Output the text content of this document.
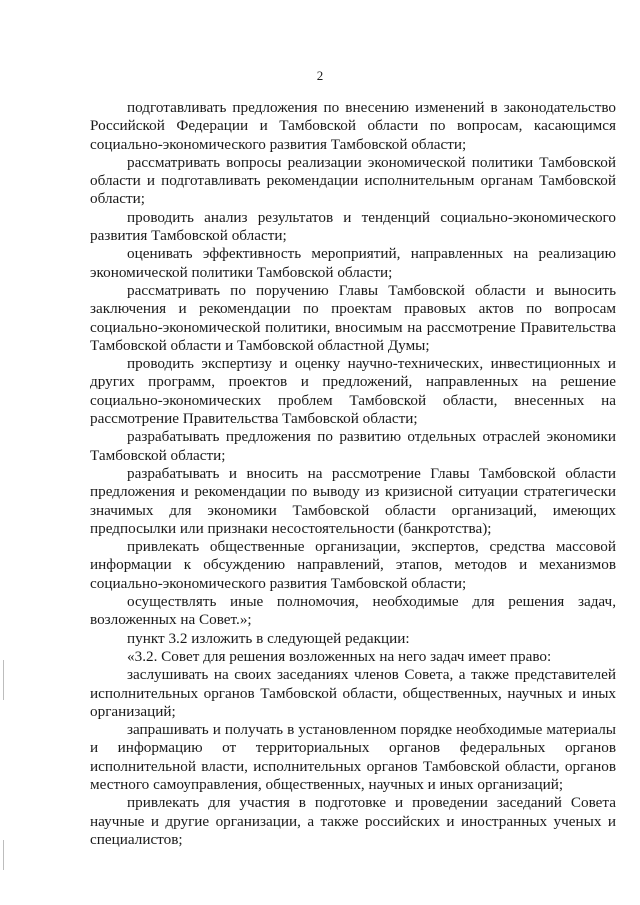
2

подготавливать предложения по внесению изменений в законодательство Российской Федерации и Тамбовской области по вопросам, касающимся социально-экономического развития Тамбовской области;

рассматривать вопросы реализации экономической политики Тамбовской области и подготавливать рекомендации исполнительным органам Тамбовской области;

проводить анализ результатов и тенденций социально-экономического развития Тамбовской области;

оценивать эффективность мероприятий, направленных на реализацию экономической политики Тамбовской области;

рассматривать по поручению Главы Тамбовской области и выносить заключения и рекомендации по проектам правовых актов по вопросам социально-экономической политики, вносимым на рассмотрение Правительства Тамбовской области и Тамбовской областной Думы;

проводить экспертизу и оценку научно-технических, инвестиционных и других программ, проектов и предложений, направленных на решение социально-экономических проблем Тамбовской области, внесенных на рассмотрение Правительства Тамбовской области;

разрабатывать предложения по развитию отдельных отраслей экономики Тамбовской области;

разрабатывать и вносить на рассмотрение Главы Тамбовской области предложения и рекомендации по выводу из кризисной ситуации стратегически значимых для экономики Тамбовской области организаций, имеющих предпосылки или признаки несостоятельности (банкротства);

привлекать общественные организации, экспертов, средства массовой информации к обсуждению направлений, этапов, методов и механизмов социально-экономического развития Тамбовской области;

осуществлять иные полномочия, необходимые для решения задач, возложенных на Совет.»;

пункт 3.2 изложить в следующей редакции:

«3.2. Совет для решения возложенных на него задач имеет право:

заслушивать на своих заседаниях членов Совета, а также представителей исполнительных органов Тамбовской области, общественных, научных и иных организаций;

запрашивать и получать в установленном порядке необходимые материалы и информацию от территориальных органов федеральных органов исполнительной власти, исполнительных органов Тамбовской области, органов местного самоуправления, общественных, научных и иных организаций;

привлекать для участия в подготовке и проведении заседаний Совета научные и другие организации, а также российских и иностранных ученых и специалистов;
